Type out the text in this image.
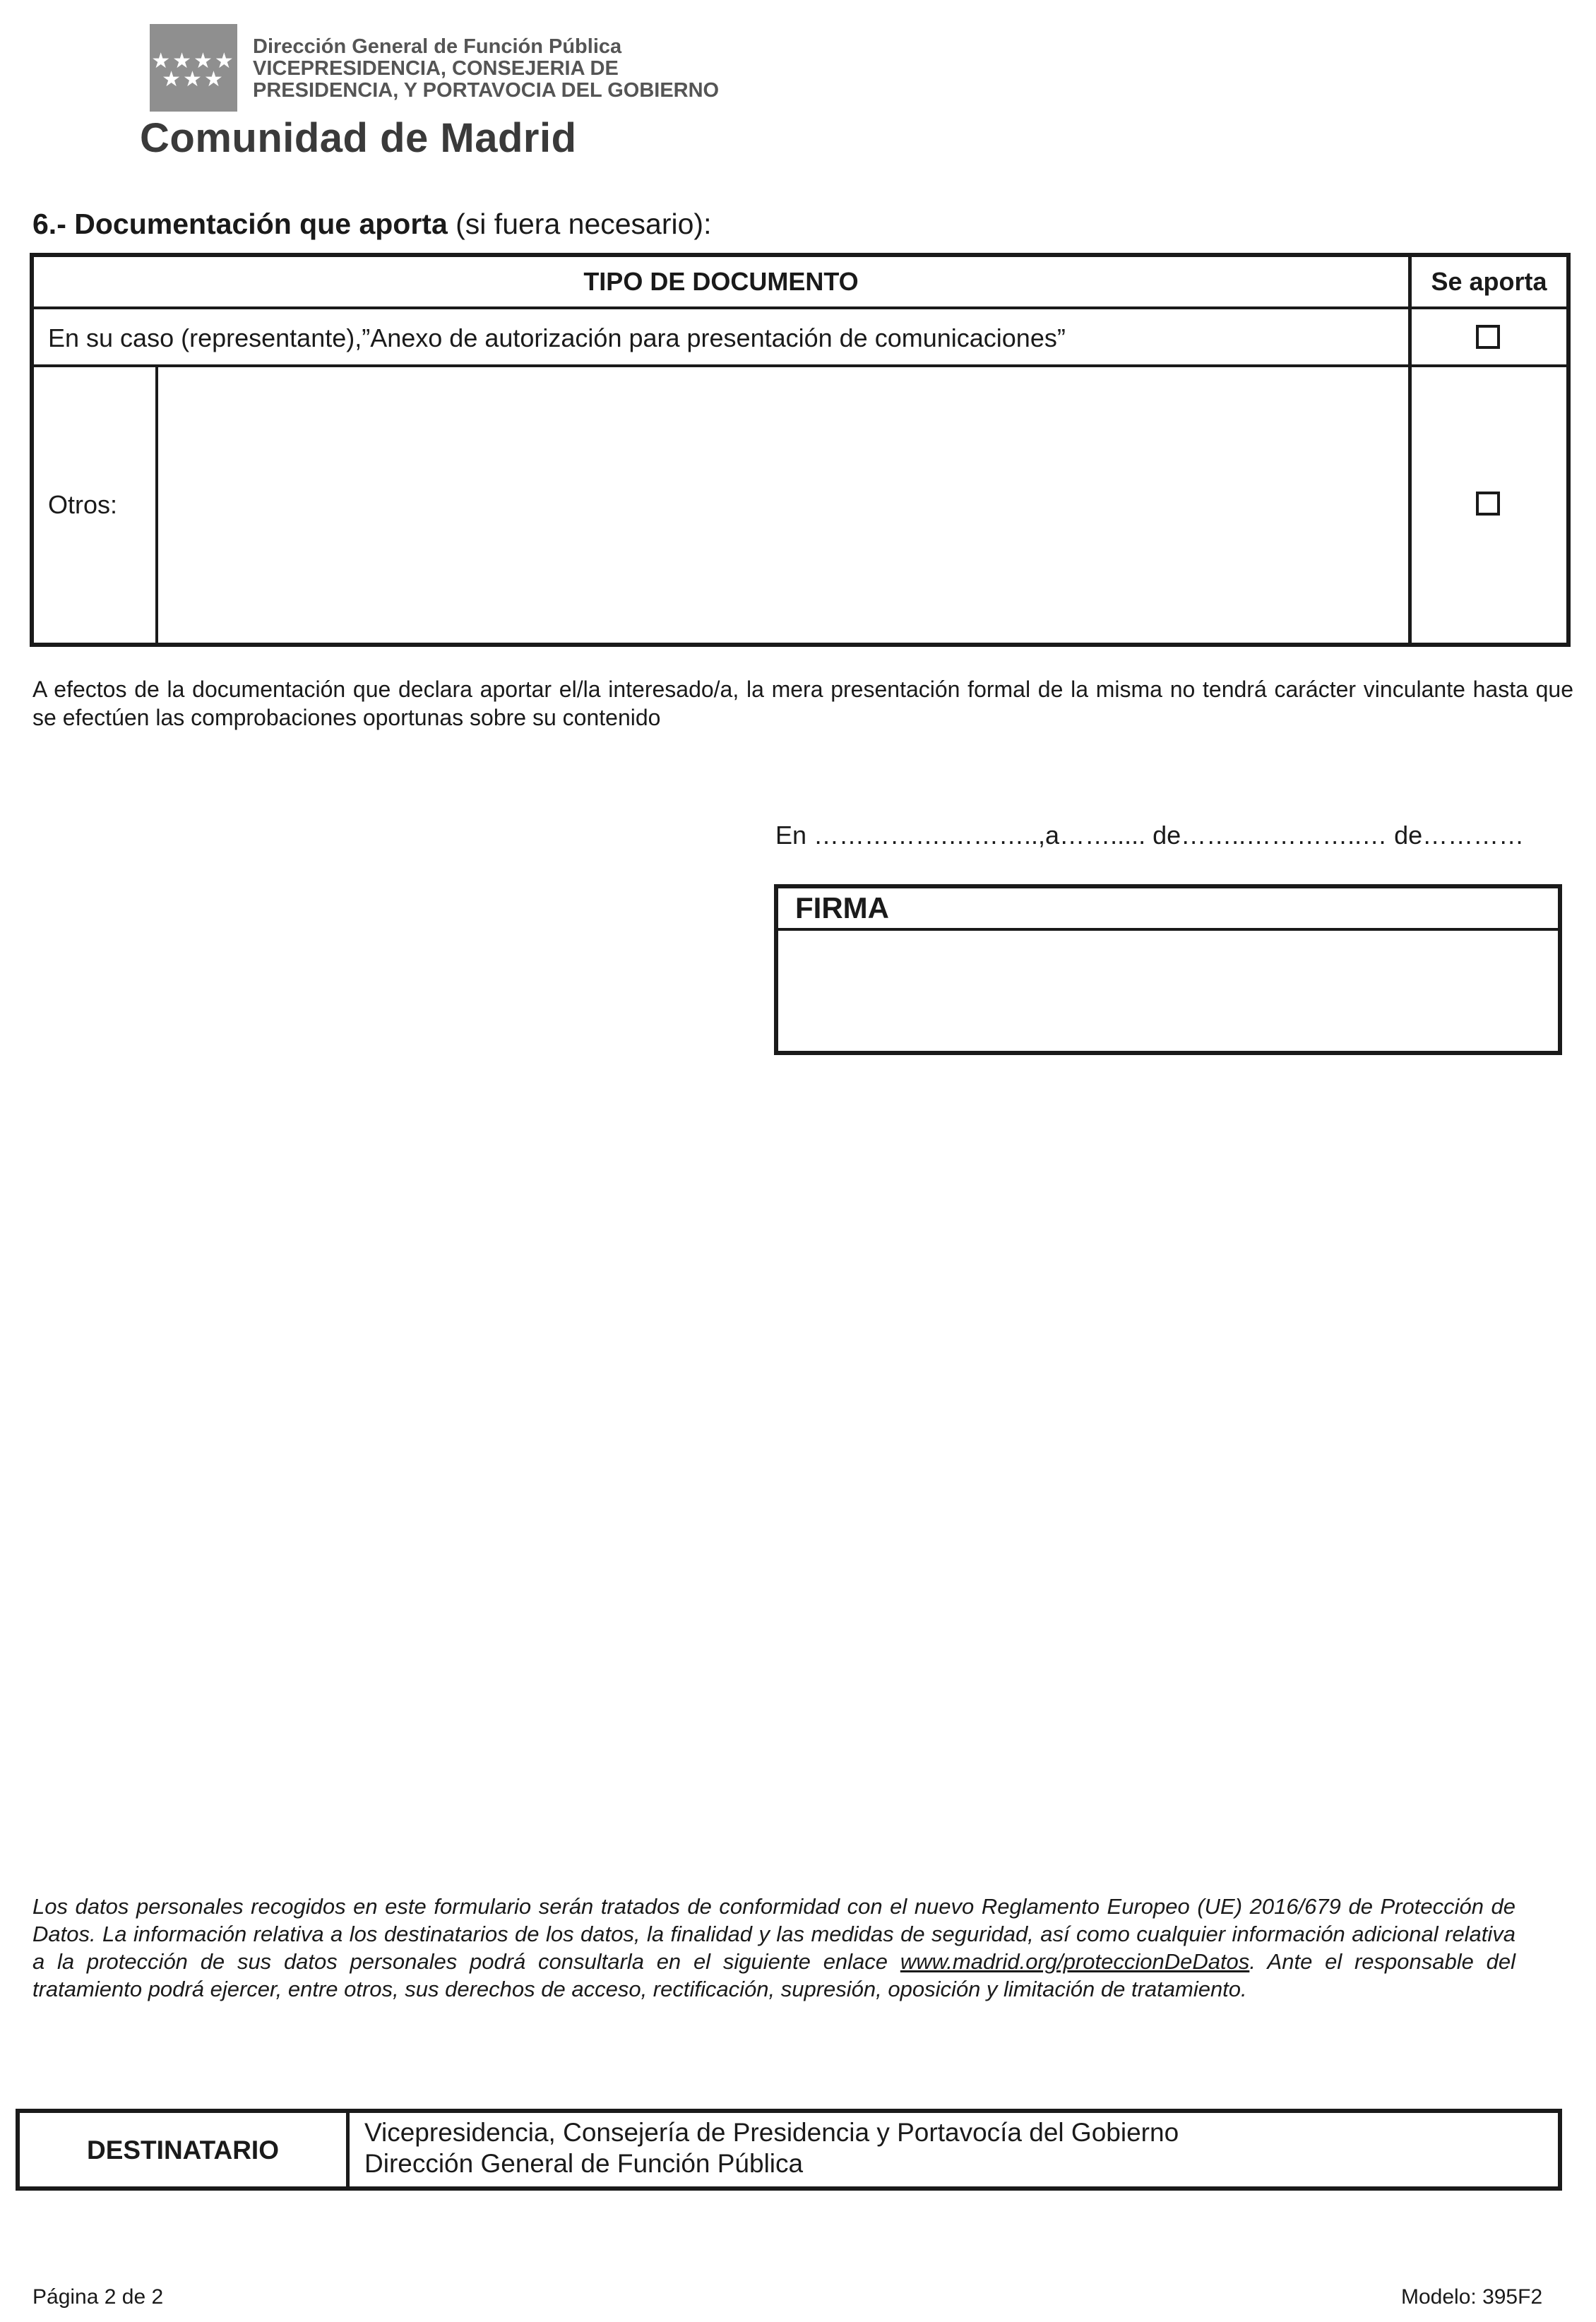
★★★★
★★★
Dirección General de Función Pública
VICEPRESIDENCIA, CONSEJERIA DE
PRESIDENCIA, Y PORTAVOCIA DEL GOBIERNO
Comunidad de Madrid
6.- Documentación que aporta (si fuera necesario):
TIPO DE DOCUMENTO	Se aporta
En su caso (representante),”Anexo de autorización para presentación de comunicaciones”
Otros:
A efectos de la documentación que declara aportar el/la interesado/a, la mera presentación formal de la misma no tendrá carácter vinculante hasta que se efectúen las comprobaciones oportunas sobre su contenido
En …………….………..,a……..... de……..…………..… de…………
FIRMA
Los datos personales recogidos en este formulario serán tratados de conformidad con el nuevo Reglamento Europeo (UE) 2016/679 de Protección de Datos. La información relativa a los destinatarios de los datos, la finalidad y las medidas de seguridad, así como cualquier información adicional relativa a la protección de sus datos personales podrá consultarla en el siguiente enlace www.madrid.org/proteccionDeDatos. Ante el responsable del tratamiento podrá ejercer, entre otros, sus derechos de acceso, rectificación, supresión, oposición y limitación de tratamiento.
DESTINATARIO
Vicepresidencia, Consejería de Presidencia y Portavocía del Gobierno
Dirección General de Función Pública
Página 2 de 2	Modelo: 395F2
